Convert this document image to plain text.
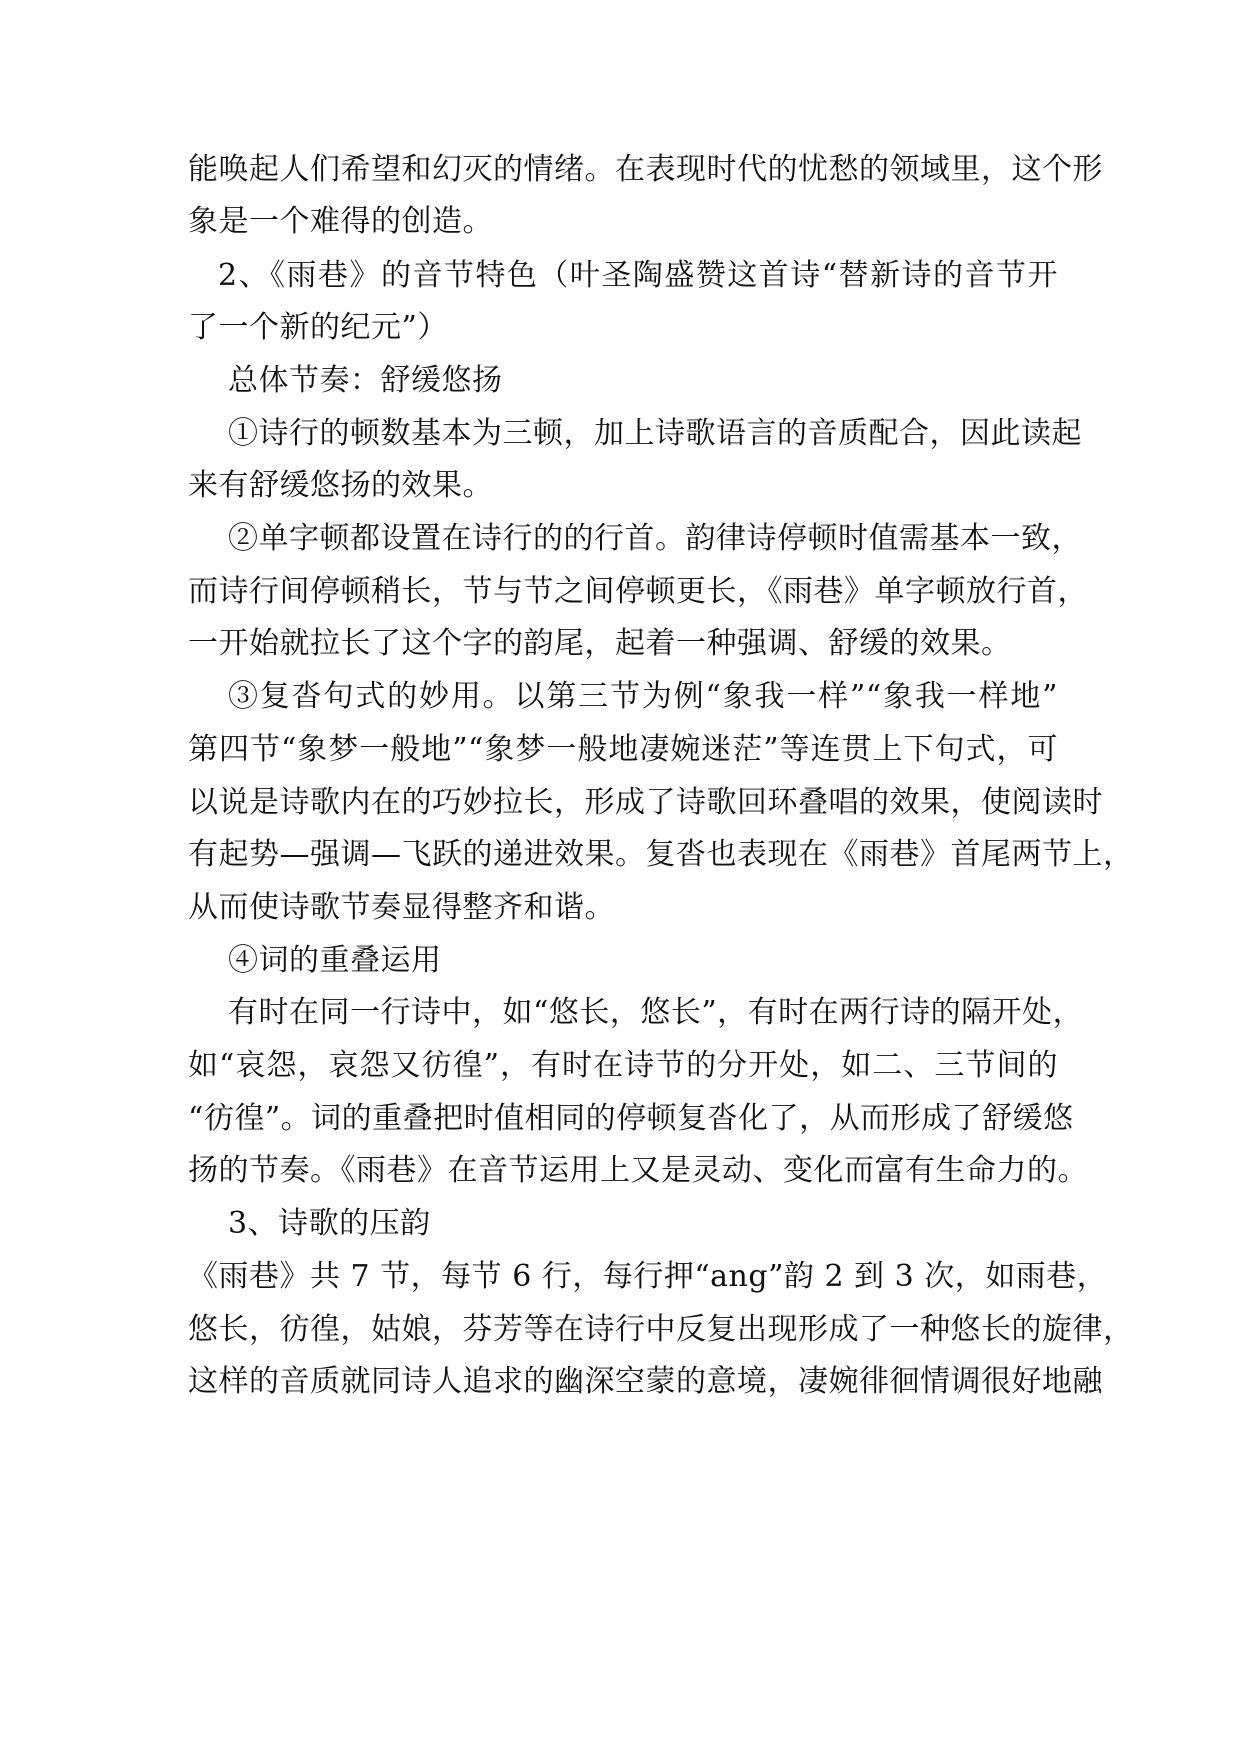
能唤起人们希望和幻灭的情绪。在表现时代的忧愁的领域里，这个形
象是一个难得的创造。
2、《雨巷》的音节特色（叶圣陶盛赞这首诗“替新诗的音节开
了一个新的纪元”）
总体节奏：舒缓悠扬
①诗行的顿数基本为三顿，加上诗歌语言的音质配合，因此读起
来有舒缓悠扬的效果。
②单字顿都设置在诗行的的行首。韵律诗停顿时值需基本一致，
而诗行间停顿稍长，节与节之间停顿更长，《雨巷》单字顿放行首，
一开始就拉长了这个字的韵尾，起着一种强调、舒缓的效果。
③复沓句式的妙用。以第三节为例“象我一样”“象我一样地”
第四节“象梦一般地”“象梦一般地凄婉迷茫”等连贯上下句式，可
以说是诗歌内在的巧妙拉长，形成了诗歌回环叠唱的效果，使阅读时
有起势—强调—飞跃的递进效果。复沓也表现在《雨巷》首尾两节上，
从而使诗歌节奏显得整齐和谐。
④词的重叠运用
有时在同一行诗中，如“悠长，悠长”，有时在两行诗的隔开处，
如“哀怨，哀怨又彷徨”，有时在诗节的分开处，如二、三节间的
“彷徨”。词的重叠把时值相同的停顿复沓化了，从而形成了舒缓悠
扬的节奏。《雨巷》在音节运用上又是灵动、变化而富有生命力的。
3、诗歌的压韵
《雨巷》共 7 节，每节 6 行，每行押“ang”韵 2 到 3 次，如雨巷，
悠长，彷徨，姑娘，芬芳等在诗行中反复出现形成了一种悠长的旋律，
这样的音质就同诗人追求的幽深空蒙的意境，凄婉徘徊情调很好地融
